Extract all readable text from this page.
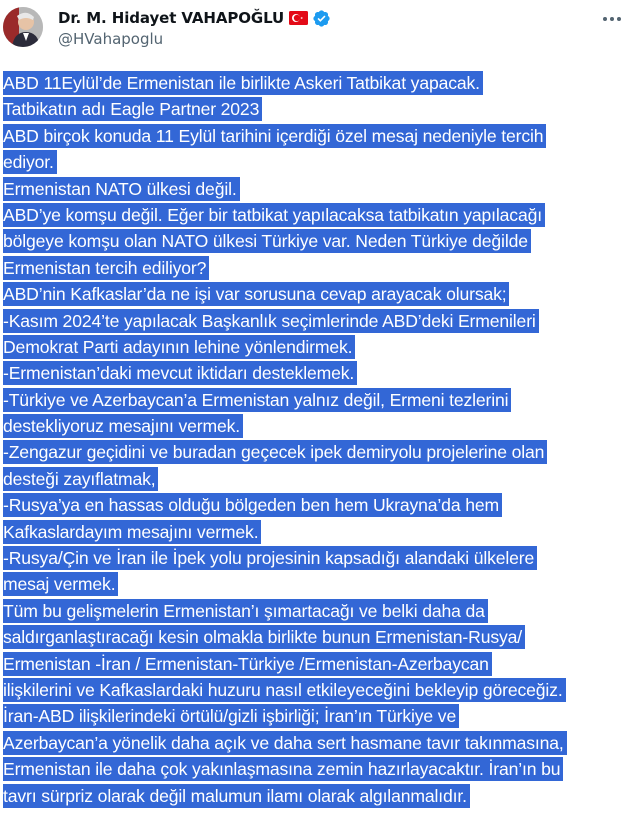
Dr. M. Hidayet VAHAPOĞLU
@HVahapoglu
ABD 11Eylül’de Ermenistan ile birlikte Askeri Tatbikat yapacak.
Tatbikatın adı Eagle Partner 2023
ABD birçok konuda 11 Eylül tarihini içerdiği özel mesaj nedeniyle tercih
ediyor.
Ermenistan NATO ülkesi değil.
ABD’ye komşu değil. Eğer bir tatbikat yapılacaksa tatbikatın yapılacağı
bölgeye komşu olan NATO ülkesi Türkiye var. Neden Türkiye değilde
Ermenistan tercih ediliyor?
ABD’nin Kafkaslar’da ne işi var sorusuna cevap arayacak olursak;
-Kasım 2024’te yapılacak Başkanlık seçimlerinde ABD’deki Ermenileri
Demokrat Parti adayının lehine yönlendirmek.
-Ermenistan’daki mevcut iktidarı desteklemek.
-Türkiye ve Azerbaycan’a Ermenistan yalnız değil, Ermeni tezlerini
destekliyoruz mesajını vermek.
-Zengazur geçidini ve buradan geçecek ipek demiryolu projelerine olan
desteği zayıflatmak,
-Rusya’ya en hassas olduğu bölgeden ben hem Ukrayna’da hem
Kafkaslardayım mesajını vermek.
-Rusya/Çin ve İran ile İpek yolu projesinin kapsadığı alandaki ülkelere
mesaj vermek.
Tüm bu gelişmelerin Ermenistan’ı şımartacağı ve belki daha da
saldırganlaştıracağı kesin olmakla birlikte bunun Ermenistan-Rusya/
Ermenistan -İran / Ermenistan-Türkiye /Ermenistan-Azerbaycan
ilişkilerini ve Kafkaslardaki huzuru nasıl etkileyeceğini bekleyip göreceğiz.
İran-ABD ilişkilerindeki örtülü/gizli işbirliği; İran’ın Türkiye ve
Azerbaycan’a yönelik daha açık ve daha sert hasmane tavır takınmasına,
Ermenistan ile daha çok yakınlaşmasına zemin hazırlayacaktır. İran’ın bu
tavrı sürpriz olarak değil malumun ilamı olarak algılanmalıdır.
